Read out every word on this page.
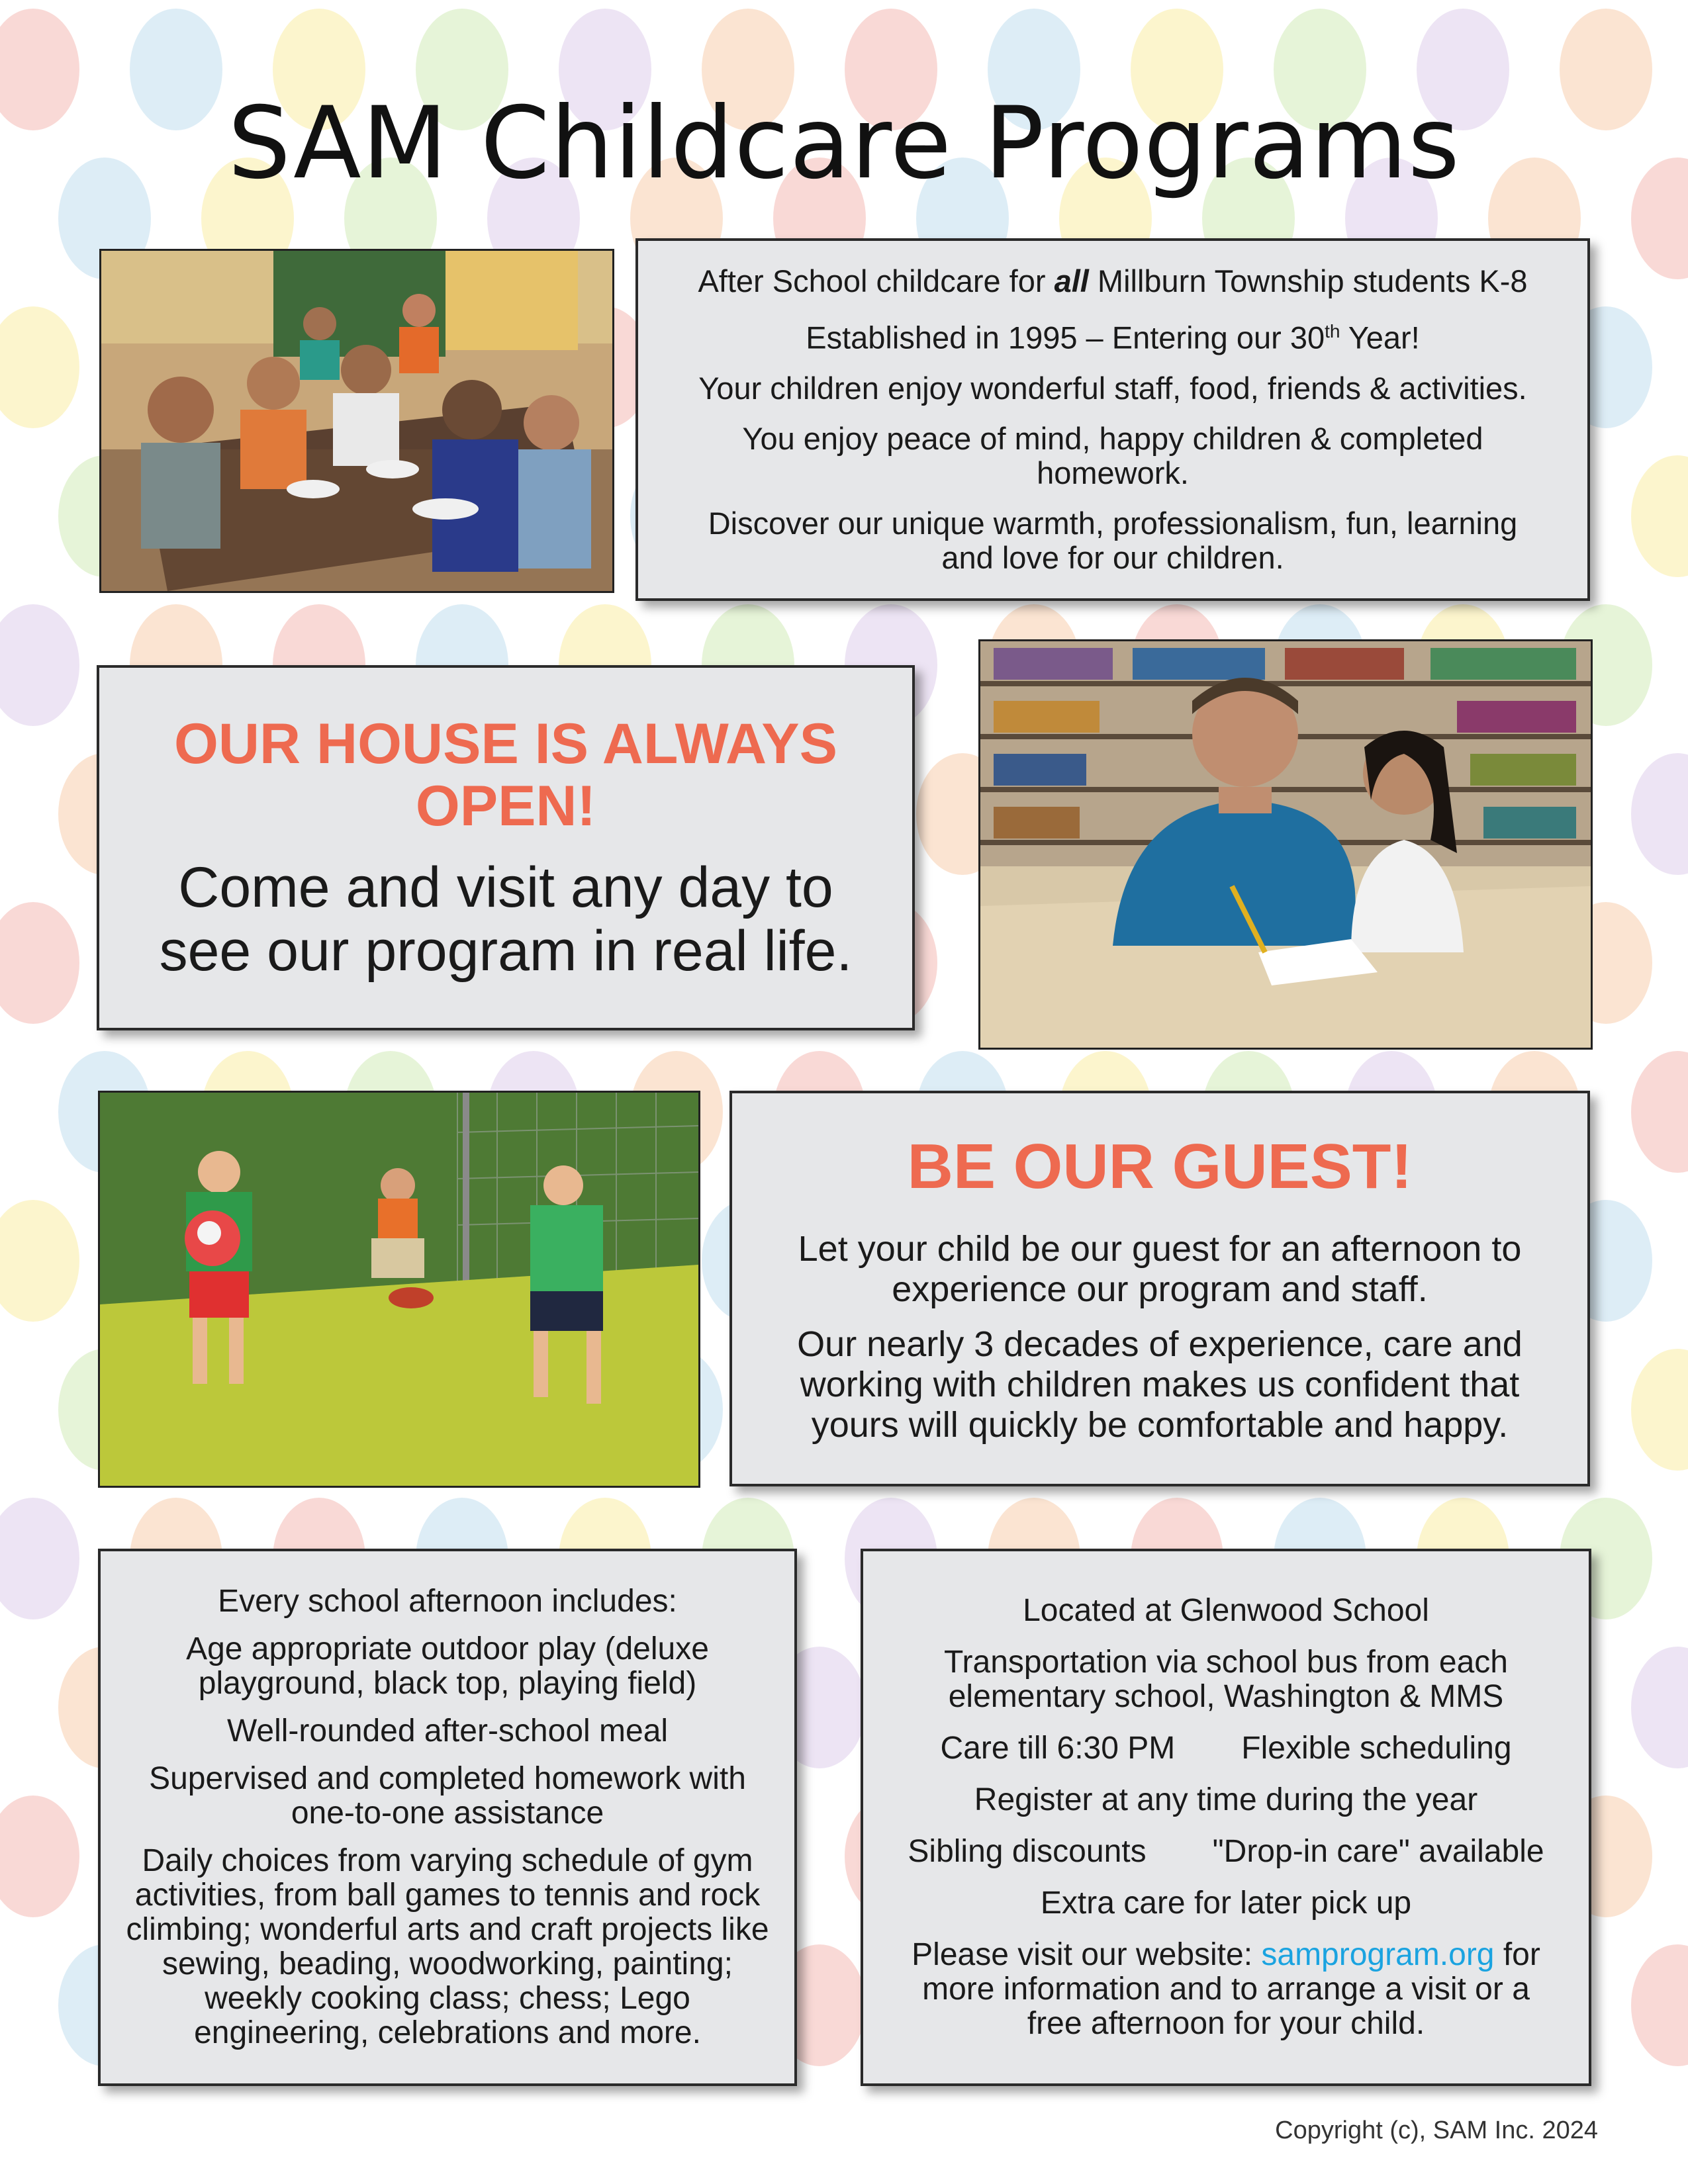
SAM Childcare Programs

After School childcare for all Millburn Township students K-8

Established in 1995 – Entering our 30th Year!

Your children enjoy wonderful staff, food, friends & activities.

You enjoy peace of mind, happy children & completed homework.

Discover our unique warmth, professionalism, fun, learning and love for our children.

OUR HOUSE IS ALWAYS OPEN!

Come and visit any day to see our program in real life.

BE OUR GUEST!

Let your child be our guest for an afternoon to experience our program and staff.

Our nearly 3 decades of experience, care and working with children makes us confident that yours will quickly be comfortable and happy.

Every school afternoon includes:

Age appropriate outdoor play (deluxe playground, black top, playing field)

Well-rounded after-school meal

Supervised and completed homework with one-to-one assistance

Daily choices from varying schedule of gym activities, from ball games to tennis and rock climbing; wonderful arts and craft projects like sewing, beading, woodworking, painting; weekly cooking class; chess; Lego engineering, celebrations and more.

Located at Glenwood School

Transportation via school bus from each elementary school, Washington & MMS

Care till 6:30 PM Flexible scheduling

Register at any time during the year

Sibling discounts "Drop-in care" available

Extra care for later pick up

Please visit our website: samprogram.org for more information and to arrange a visit or a free afternoon for your child.

Copyright (c), SAM Inc. 2024
